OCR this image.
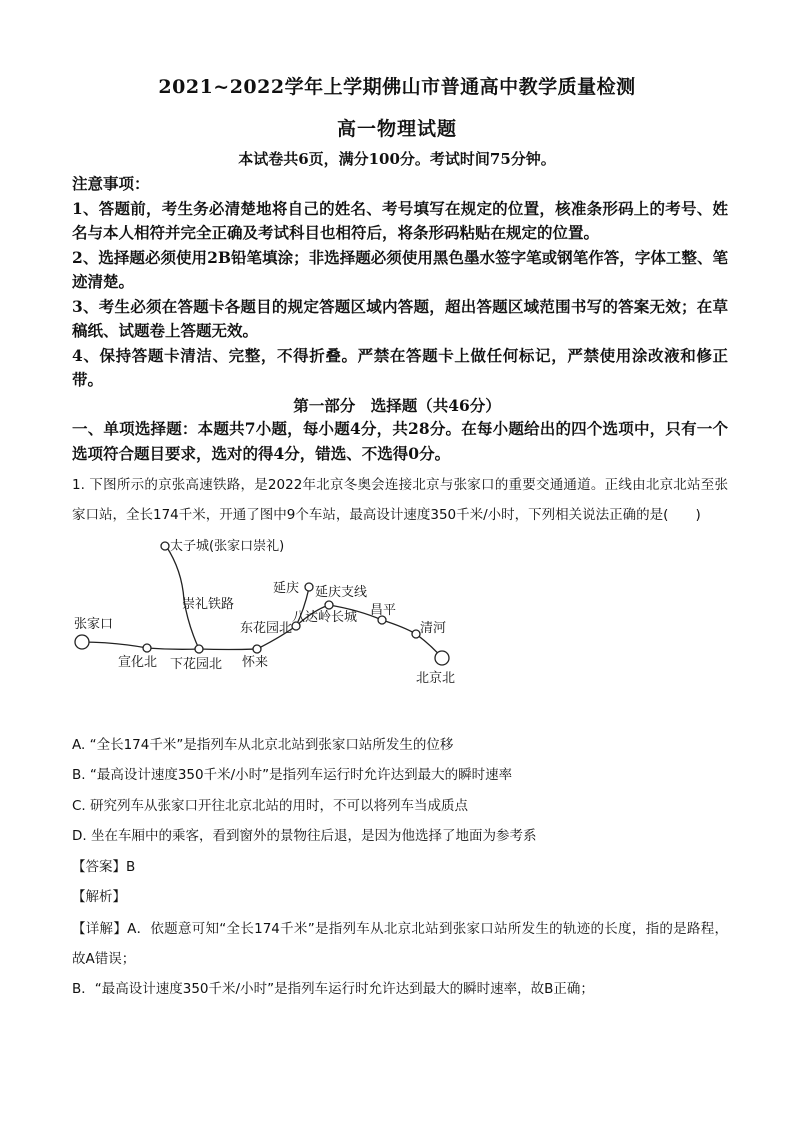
2021~2022学年上学期佛山市普通高中教学质量检测
高一物理试题
本试卷共6页，满分100分。考试时间75分钟。

注意事项：

1、答题前，考生务必清楚地将自己的姓名、考号填写在规定的位置，核准条形码上的考号、姓名与本人相符并完全正确及考试科目也相符后，将条形码粘贴在规定的位置。

2、选择题必须使用2B铅笔填涂；非选择题必须使用黑色墨水签字笔或钢笔作答，字体工整、笔迹清楚。

3、考生必须在答题卡各题目的规定答题区域内答题，超出答题区域范围书写的答案无效；在草稿纸、试题卷上答题无效。

4、保持答题卡清洁、完整，不得折叠。严禁在答题卡上做任何标记，严禁使用涂改液和修正带。

第一部分　选择题（共46分）
一、单项选择题：本题共7小题，每小题4分，共28分。在每小题给出的四个选项中，只有一个选项符合题目要求，选对的得4分，错选、不选得0分。
1. 下图所示的京张高速铁路，是2022年北京冬奥会连接北京与张家口的重要交通通道。正线由北京北站至张家口站，全长174千米，开通了图中9个车站，最高设计速度350千米/小时，下列相关说法正确的是(　　)
太子城(张家口崇礼)
崇礼铁路
张家口
宣化北 下花园北 怀来
东花园北
延庆 延庆支线
八达岭长城 昌平
清河
北京北
A. “全长174千米”是指列车从北京北站到张家口站所发生的位移
B. “最高设计速度350千米/小时”是指列车运行时允许达到最大的瞬时速率
C. 研究列车从张家口开往北京北站的用时，不可以将列车当成质点
D. 坐在车厢中的乘客，看到窗外的景物往后退，是因为他选择了地面为参考系
【答案】B
【解析】

【详解】A．依题意可知“全长174千米”是指列车从北京北站到张家口站所发生的轨迹的长度，指的是路程，故A错误；

B．“最高设计速度350千米/小时”是指列车运行时允许达到最大的瞬时速率，故B正确；
